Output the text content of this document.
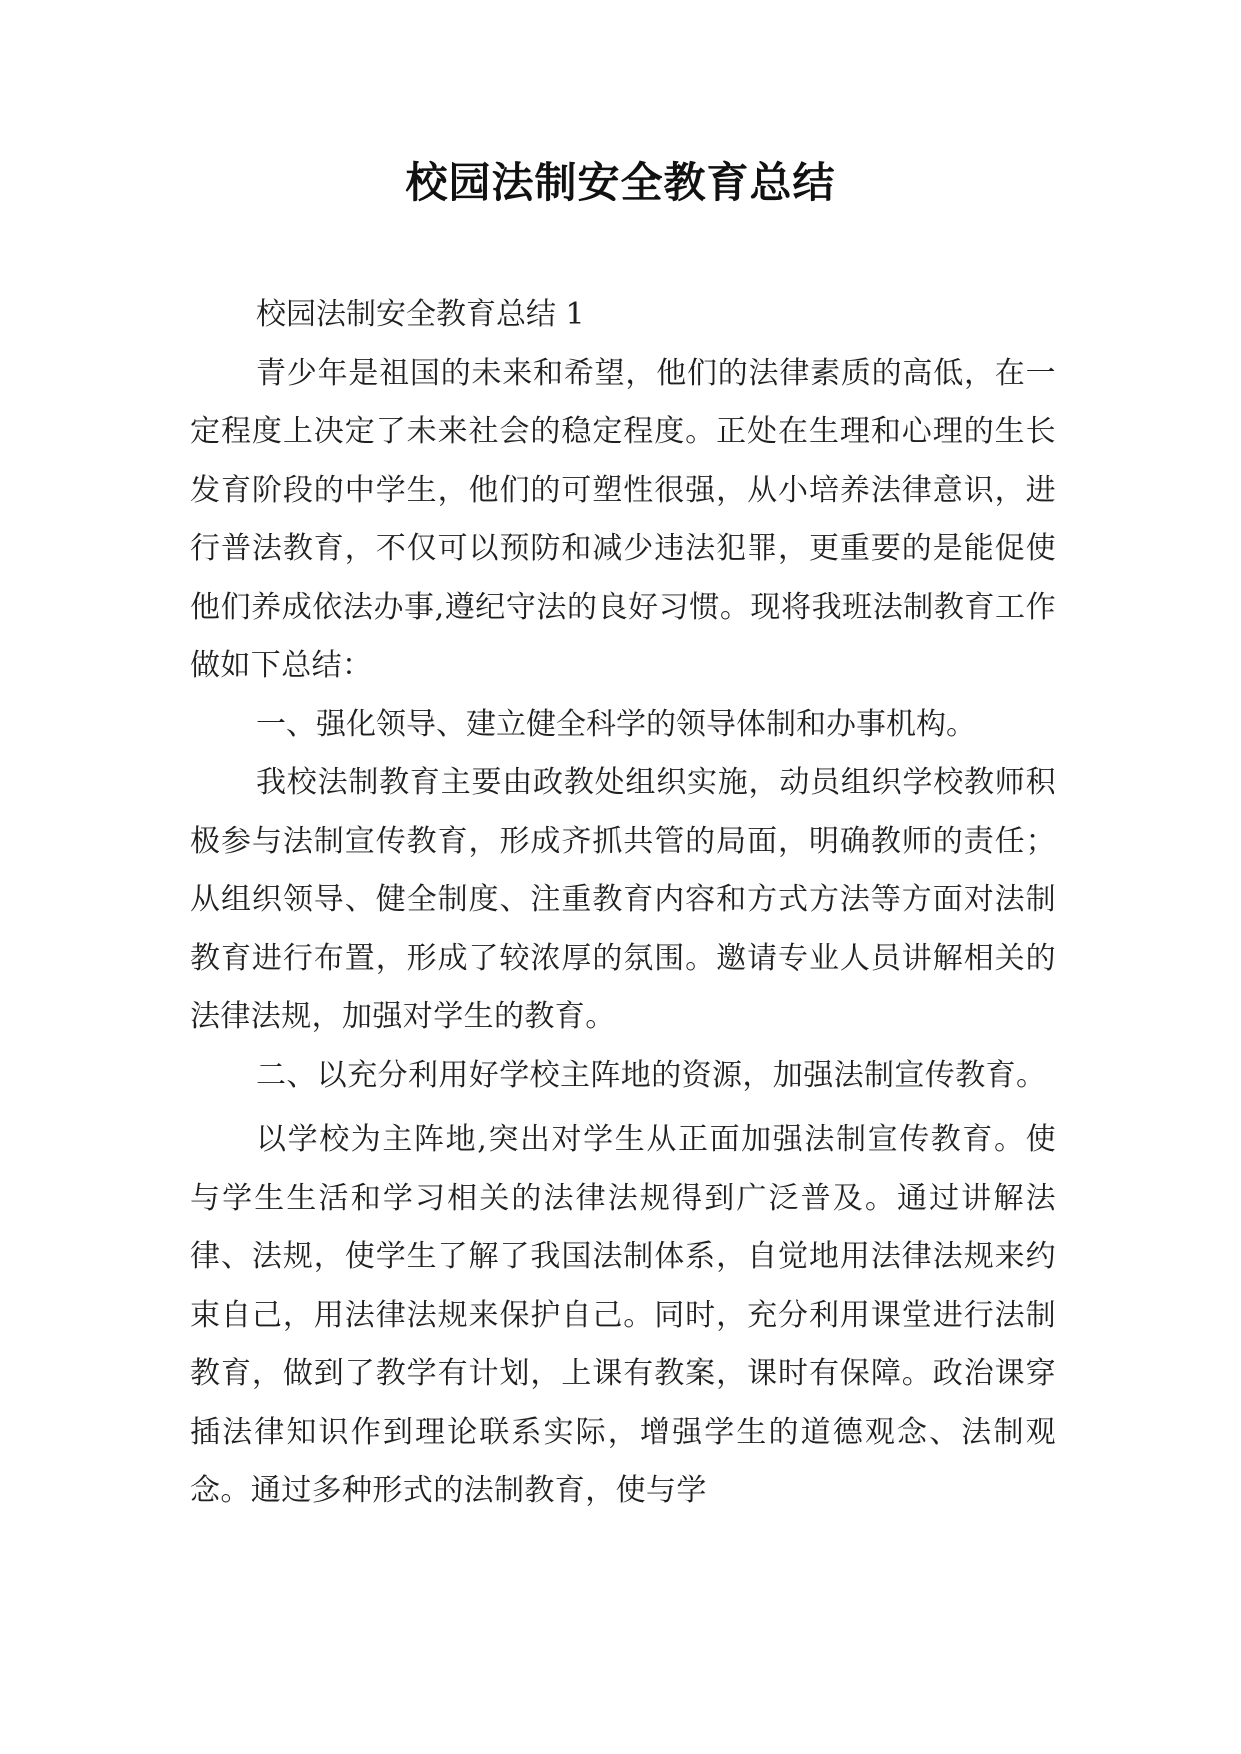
校园法制安全教育总结

校园法制安全教育总结 1

青少年是祖国的未来和希望，他们的法律素质的高低，在一定程度上决定了未来社会的稳定程度。正处在生理和心理的生长发育阶段的中学生，他们的可塑性很强，从小培养法律意识，进行普法教育，不仅可以预防和减少违法犯罪，更重要的是能促使他们养成依法办事,遵纪守法的良好习惯。现将我班法制教育工作做如下总结：

一、强化领导、建立健全科学的领导体制和办事机构。

我校法制教育主要由政教处组织实施，动员组织学校教师积极参与法制宣传教育，形成齐抓共管的局面，明确教师的责任；从组织领导、健全制度、注重教育内容和方式方法等方面对法制教育进行布置，形成了较浓厚的氛围。邀请专业人员讲解相关的法律法规，加强对学生的教育。

二、以充分利用好学校主阵地的资源，加强法制宣传教育。

以学校为主阵地,突出对学生从正面加强法制宣传教育。使与学生生活和学习相关的法律法规得到广泛普及。通过讲解法律、法规，使学生了解了我国法制体系，自觉地用法律法规来约束自己，用法律法规来保护自己。同时，充分利用课堂进行法制教育，做到了教学有计划，上课有教案，课时有保障。政治课穿插法律知识作到理论联系实际，增强学生的道德观念、法制观念。通过多种形式的法制教育，使与学
